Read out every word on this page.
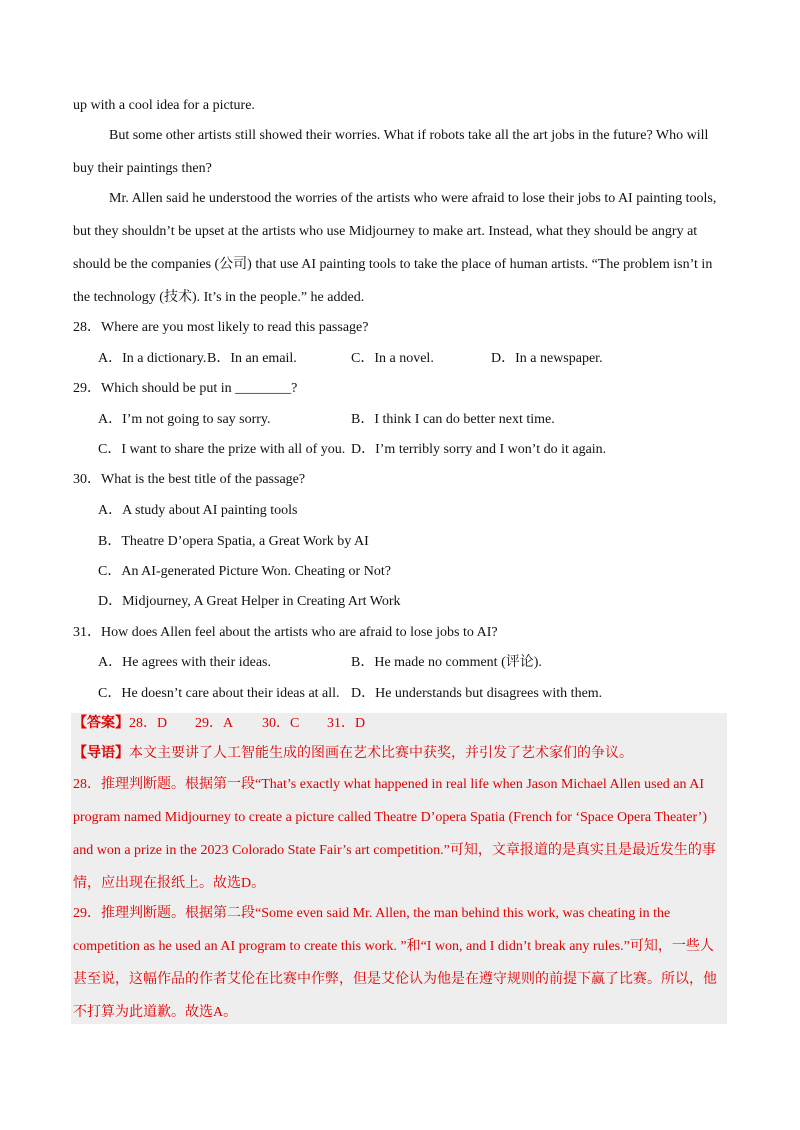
up with a cool idea for a picture.
But some other artists still showed their worries. What if robots take all the art jobs in the future? Who will
buy their paintings then?
Mr. Allen said he understood the worries of the artists who were afraid to lose their jobs to AI painting tools,
but they shouldn’t be upset at the artists who use Midjourney to make art. Instead, what they should be angry at
should be the companies (公司) that use AI painting tools to take the place of human artists. “The problem isn’t in
the technology (技术). It’s in the people.” he added.
28．Where are you most likely to read this passage?
A．In a dictionary. B．In an email.	C．In a novel.	D．In a newspaper.
29．Which should be put in ________?
A．I’m not going to say sorry.	B．I think I can do better next time.
C．I want to share the prize with all of you. D．I’m terribly sorry and I won’t do it again.
30．What is the best title of the passage?
A．A study about AI painting tools
B．Theatre D’opera Spatia, a Great Work by AI
C．An AI-generated Picture Won. Cheating or Not?
D．Midjourney, A Great Helper in Creating Art Work
31．How does Allen feel about the artists who are afraid to lose jobs to AI?
A．He agrees with their ideas.	B．He made no comment (评论).
C．He doesn’t care about their ideas at all. D．He understands but disagrees with them.
【答案】28．D	29．A 30．C 31．D
【导语】本文主要讲了人工智能生成的图画在艺术比赛中获奖，并引发了艺术家们的争议。
28．推理判断题。根据第一段“That’s exactly what happened in real life when Jason Michael Allen used an AI
program named Midjourney to create a picture called Theatre D’opera Spatia (French for ‘Space Opera Theater’)
and won a prize in the 2023 Colorado State Fair’s art competition.”可知，文章报道的是真实且是最近发生的事
情，应出现在报纸上。故选D。
29．推理判断题。根据第二段“Some even said Mr. Allen, the man behind this work, was cheating in the
competition as he used an AI program to create this work. ”和“I won, and I didn’t break any rules.”可知，一些人
甚至说，这幅作品的作者艾伦在比赛中作弊，但是艾伦认为他是在遵守规则的前提下赢了比赛。所以，他
不打算为此道歉。故选A。
